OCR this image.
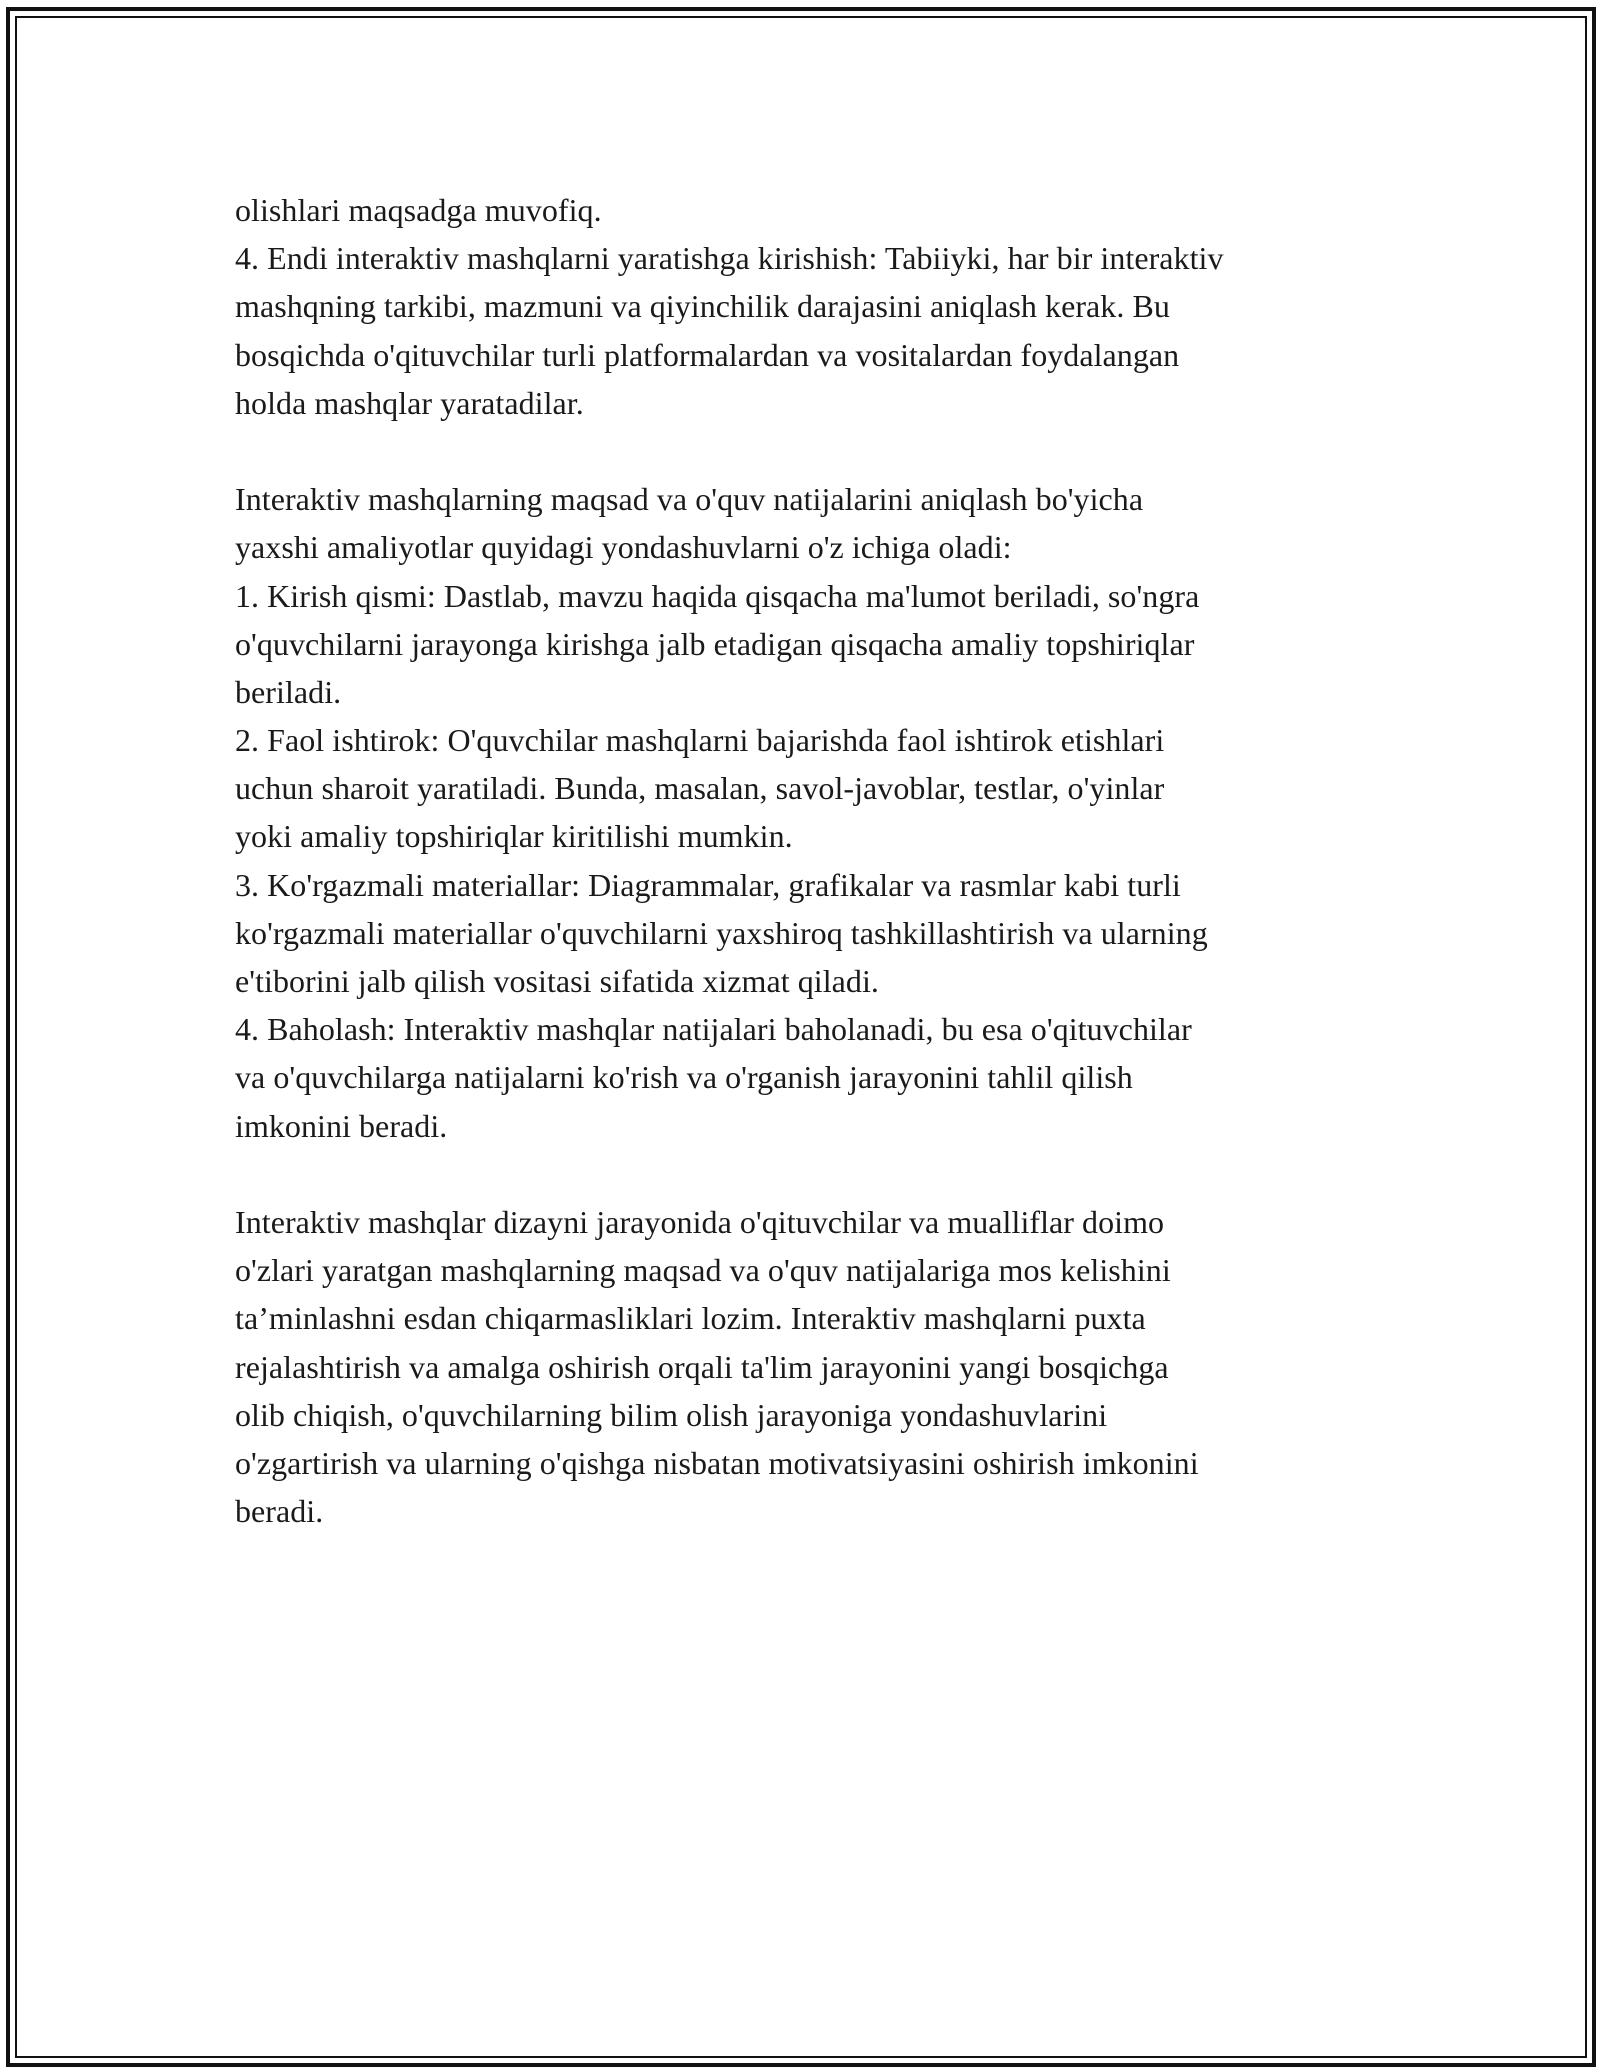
olishlari maqsadga muvofiq.
4. Endi interaktiv mashqlarni yaratishga kirishish: Tabiiyki, har bir interaktiv
mashqning tarkibi, mazmuni va qiyinchilik darajasini aniqlash kerak. Bu
bosqichda o'qituvchilar turli platformalardan va vositalardan foydalangan
holda mashqlar yaratadilar.
Interaktiv mashqlarning maqsad va o'quv natijalarini aniqlash bo'yicha
yaxshi amaliyotlar quyidagi yondashuvlarni o'z ichiga oladi:
1. Kirish qismi: Dastlab, mavzu haqida qisqacha ma'lumot beriladi, so'ngra
o'quvchilarni jarayonga kirishga jalb etadigan qisqacha amaliy topshiriqlar
beriladi.
2. Faol ishtirok: O'quvchilar mashqlarni bajarishda faol ishtirok etishlari
uchun sharoit yaratiladi. Bunda, masalan, savol-javoblar, testlar, o'yinlar
yoki amaliy topshiriqlar kiritilishi mumkin.
3. Ko'rgazmali materiallar: Diagrammalar, grafikalar va rasmlar kabi turli
ko'rgazmali materiallar o'quvchilarni yaxshiroq tashkillashtirish va ularning
e'tiborini jalb qilish vositasi sifatida xizmat qiladi.
4. Baholash: Interaktiv mashqlar natijalari baholanadi, bu esa o'qituvchilar
va o'quvchilarga natijalarni ko'rish va o'rganish jarayonini tahlil qilish
imkonini beradi.
Interaktiv mashqlar dizayni jarayonida o'qituvchilar va mualliflar doimo
o'zlari yaratgan mashqlarning maqsad va o'quv natijalariga mos kelishini
ta’minlashni esdan chiqarmasliklari lozim. Interaktiv mashqlarni puxta
rejalashtirish va amalga oshirish orqali ta'lim jarayonini yangi bosqichga
olib chiqish, o'quvchilarning bilim olish jarayoniga yondashuvlarini
o'zgartirish va ularning o'qishga nisbatan motivatsiyasini oshirish imkonini
beradi.
